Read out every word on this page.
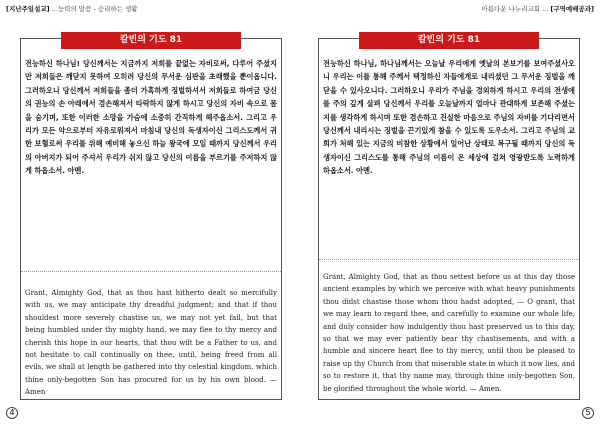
[지난주일설교] ...능력의 말씀 - 승리하는 생활
칼빈의 기도 81
전능하신 하나님! 당신께서는 지금까지 저희를 끝없는 자비로써, 다루어 주셨지만 저희들은 깨닫지 못하여 오히려 당신의 무서운 심판을 초래했을 뿐이옵니다. 그러하오니 당신께서 저희들을 좀더 가혹하게 징벌하셔서 저희들로 하여금 당신의 권능의 손 아래에서 겸손해져서 타락하지 않게 하시고 당신의 자비 속으로 몸을 숨기며, 또한 이러한 소망을 가슴에 소중히 간직하게 해주옵소서. 그리고 우리가 모든 악으로부터 자유로워져서 마침내 당신의 독생자이신 그리스도께서 귀한 보혈로써 우리를 위해 예비해 놓으신 하늘 왕국에 모일 때까지 당신께서 우리의 아버지가 되어 주셔서 우리가 쉬지 않고 당신의 이름을 부르기를 주저하지 않게 하옵소서. 아멘.
Grant, Almighty God, that as thou hast hitherto dealt so mercifully with us, we may anticipate thy dreadful judgment; and that if thou shouldest more severely chastise us, we may not yet fail, but that being humbled under thy mighty hand, we may flee to thy mercy and cherish this hope in our hearts, that thou wilt be a Father to us, and not hesitate to call continually on thee, until, being freed from all evils, we shall at length be gathered into thy celestial kingdom, which thine only-begotten Son has procured for us by his own blood. — Amen
4
아름다운 나누리교회 ... [구역예배공과]
칼빈의 기도 81
전능하신 하나님, 하나님께서는 오늘날 우리에게 옛날의 본보기를 보여주셨사오니 우리는 이를 통해 주께서 택정하신 자들에게로 내리셨던 그 무서운 징벌을 깨닫을 수 있사오니다. 그러하오니 우리가 주님을 경외하게 하시고 우리의 전생애를 주의 깊게 살펴 당신께서 우리를 오늘날까지 얼마나 관대하게 보존해 주셨는지를 생각하게 하시며 또한 겸손하고 진실한 마음으로 주님의 자비를 기다리면서 당신께서 내리시는 징벌을 끈기있게 참을 수 있도록 도우소서. 그리고 주님의 교회가 처해 있는 지금의 비참한 상황에서 일어난 상태로 복구될 때까지 당신의 독생자이신 그리스도를 통해 주님의 이름이 온 세상에 걸쳐 영광받도록 노력하게 하옵소서. 아멘.
Grant, Almighty God, that as thou settest before us at this day those ancient examples by which we perceive with what heavy punishments thou didst chastise those whom thou hadst adopted, — O grant, that we may learn to regard thee, and carefully to examine our whole life, and duly consider how indulgently thou hast preserved us to this day, so that we may ever patiently bear thy chastisements, and with a humble and sincere heart flee to thy mercy, until thou be pleased to raise up thy Church from that miserable state in which it now lies, and so to restore it, that thy name may, through thine only-begotten Son, be glorified throughout the whole world. — Amen.
5
